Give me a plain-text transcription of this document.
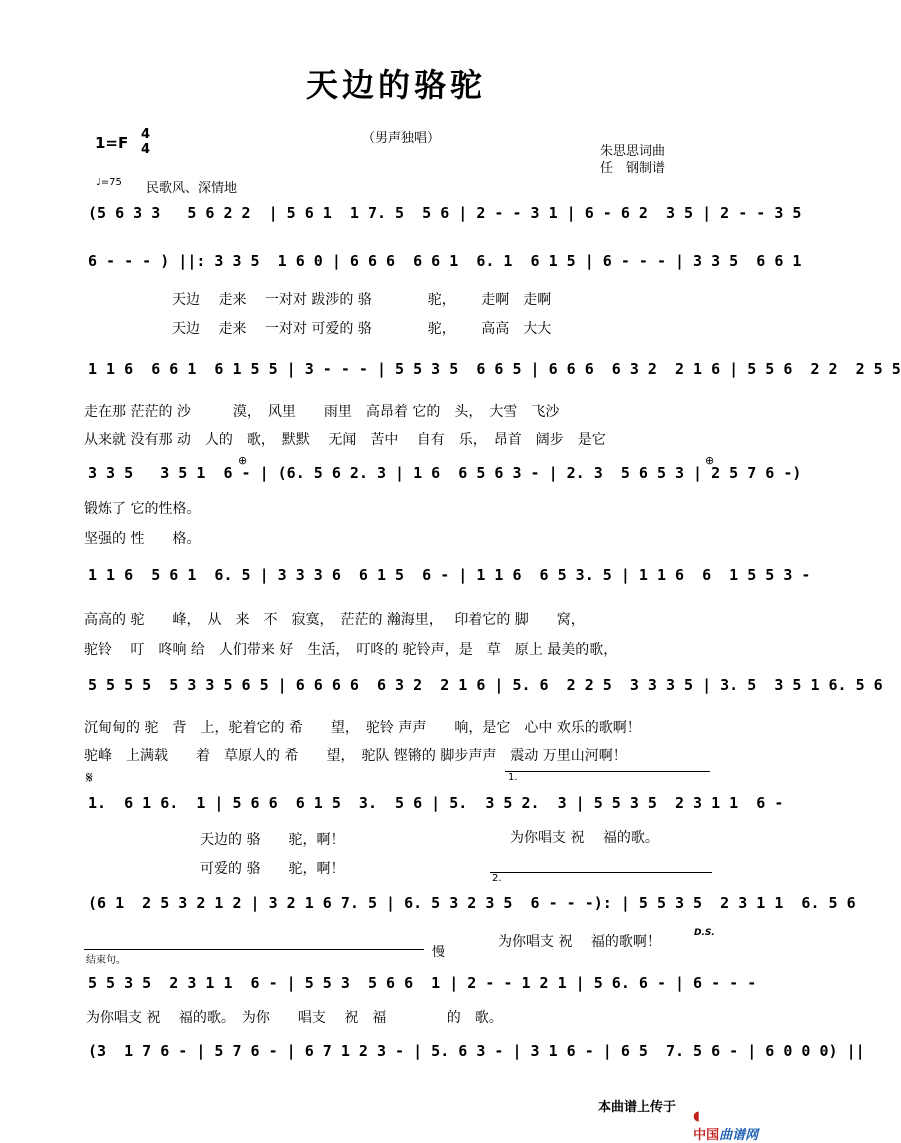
天边的骆驼
（男声独唱）
1=F 4
4	朱思思词曲
任　钢制谱
♩=75 民歌风、深情地
(5 6 3 3   5 6 2 2  | 5 6 1  1 7. 5  5 6 | 2 - - 3 1 | 6 - 6 2  3 5 | 2 - - 3 5
6 - - - ) ||: 3 3 5  1 6 0 | 6 6 6  6 6 1  6. 1  6 1 5 | 6 - - - | 3 3 5  6 6 1
1 1 6  6 6 1  6 1 5 5 | 3 - - - | 5 5 3 5  6 6 5 | 6 6 6  6 3 2  2 1 6 | 5 5 6  2 2  2 5 5
3 3 5   3 5 1  6 - | (6. 5 6 2. 3 | 1 6  6 5 6 3 - | 2. 3  5 6 5 3 | 2 5 7 6 -)
1 1 6  5 6 1  6. 5 | 3 3 3 6  6 1 5  6 - | 1 1 6  6 5 3. 5 | 1 1 6  6  1 5 5 3 -
5 5 5 5  5 3 3 5 6 5 | 6 6 6 6  6 3 2  2 1 6 | 5. 6  2 2 5  3 3 3 5 | 3. 5  3 5 1 6. 5 6
1.  6 1 6.  1 | 5 6 6  6 1 5  3.  5 6 | 5.  3 5 2.  3 | 5 5 3 5  2 3 1 1  6 -
(6 1  2 5 3 2 1 2 | 3 2 1 6 7. 5 | 6. 5 3 2 3 5  6 - - -): | 5 5 3 5  2 3 1 1  6. 5 6
5 5 3 5  2 3 1 1  6 - | 5 5 3  5 6 6  1 | 2 - - 1 2 1 | 5 6. 6 - | 6 - - -
(3  1 7 6 - | 5 7 6 - | 6 7 1 2 3 - | 5. 6 3 - | 3 1 6 - | 6 5  7. 5 6 - | 6 0 0 0) ||
天边　 走来　 一对对 跋涉的 骆　　　　驼，　　 走啊　走啊
天边　 走来　 一对对 可爱的 骆　　　　驼，　　 高高　大大
走在那 茫茫的 沙　　　漠，　风里　　雨里　高昂着 它的　头，　大雪　飞沙
从来就 没有那 动　人的　歌，　默默　 无闻　苦中　 自有　乐，　昂首　阔步　是它
锻炼了 它的性格。
坚强的 性　　格。
高高的 驼　　峰，　从　来　不　寂寞，　茫茫的 瀚海里，　 印着它的 脚　　窝，
驼铃　 叮　咚响 给　人们带来 好　生活，　叮咚的 驼铃声，是　草　原上 最美的歌，
沉甸甸的 驼　背　上，驼着它的 希　　望，　驼铃 声声　　响，是它　心中 欢乐的歌啊！
驼峰　上满载　　着　草原人的 希　　望，　驼队 铿锵的 脚步声声　震动 万里山河啊！
天边的 骆　　驼，啊！
可爱的 骆　　驼，啊！
为你唱支 祝　 福的歌。
为你唱支 祝　 福的歌啊！
为你唱支 祝　 福的歌。　为你　　唱支　 祝　福　　　　 的　歌。
𝄋	1.
2.
D.S.
结束句。
慢
⊕	⊕
本曲谱上传于

◖
中国曲谱网
